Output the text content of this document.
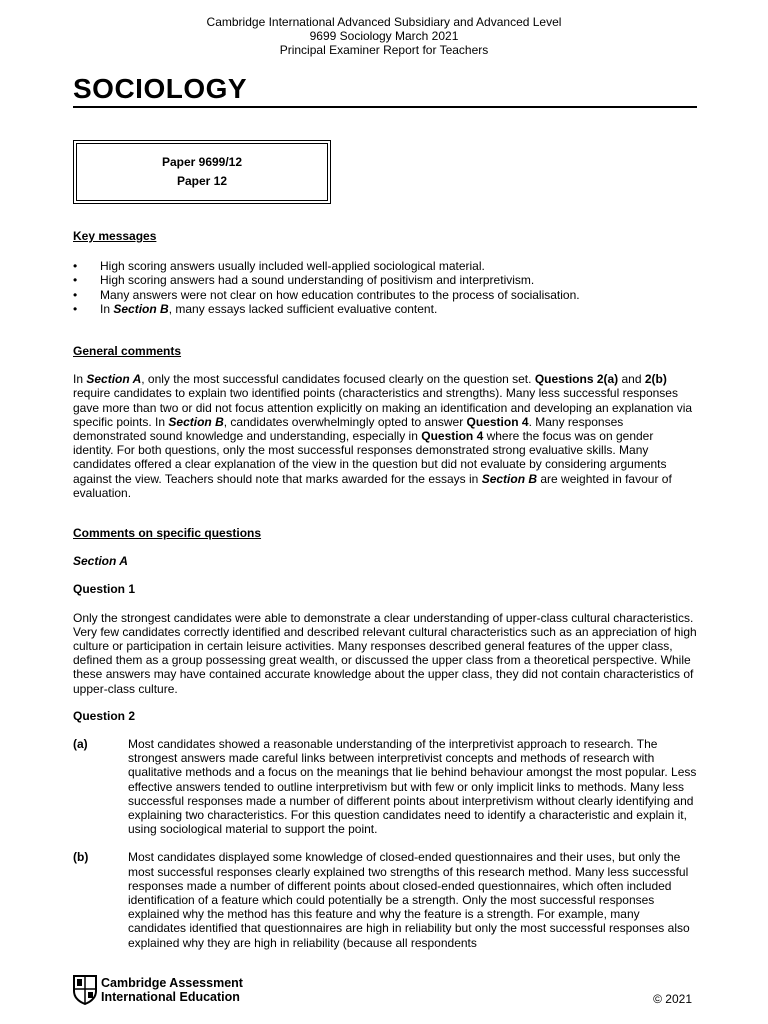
Cambridge International Advanced Subsidiary and Advanced Level
9699 Sociology March 2021
Principal Examiner Report for Teachers
SOCIOLOGY
Paper 9699/12
Paper 12
Key messages
• High scoring answers usually included well-applied sociological material.
• High scoring answers had a sound understanding of positivism and interpretivism.
• Many answers were not clear on how education contributes to the process of socialisation.
• In Section B, many essays lacked sufficient evaluative content.
General comments

In Section A, only the most successful candidates focused clearly on the question set. Questions 2(a) and 2(b) require candidates to explain two identified points (characteristics and strengths). Many less successful responses gave more than two or did not focus attention explicitly on making an identification and developing an explanation via specific points. In Section B, candidates overwhelmingly opted to answer Question 4. Many responses demonstrated sound knowledge and understanding, especially in Question 4 where the focus was on gender identity. For both questions, only the most successful responses demonstrated strong evaluative skills. Many candidates offered a clear explanation of the view in the question but did not evaluate by considering arguments against the view. Teachers should note that marks awarded for the essays in Section B are weighted in favour of evaluation.

Comments on specific questions
Section A
Question 1

Only the strongest candidates were able to demonstrate a clear understanding of upper-class cultural characteristics. Very few candidates correctly identified and described relevant cultural characteristics such as an appreciation of high culture or participation in certain leisure activities. Many responses described general features of the upper class, defined them as a group possessing great wealth, or discussed the upper class from a theoretical perspective. While these answers may have contained accurate knowledge about the upper class, they did not contain characteristics of upper-class culture.

Question 2
(a)	Most candidates showed a reasonable understanding of the interpretivist approach to research. The strongest answers made careful links between interpretivist concepts and methods of research with qualitative methods and a focus on the meanings that lie behind behaviour amongst the most popular. Less effective answers tended to outline interpretivism but with few or only implicit links to methods. Many less successful responses made a number of different points about interpretivism without clearly identifying and explaining two characteristics. For this question candidates need to identify a characteristic and explain it, using sociological material to support the point.
(b)	Most candidates displayed some knowledge of closed-ended questionnaires and their uses, but only the most successful responses clearly explained two strengths of this research method. Many less successful responses made a number of different points about closed-ended questionnaires, which often included identification of a feature which could potentially be a strength. Only the most successful responses explained why the method has this feature and why the feature is a strength. For example, many candidates identified that questionnaires are high in reliability but only the most successful responses also explained why they are high in reliability (because all respondents
Cambridge Assessment
International Education	© 2021
